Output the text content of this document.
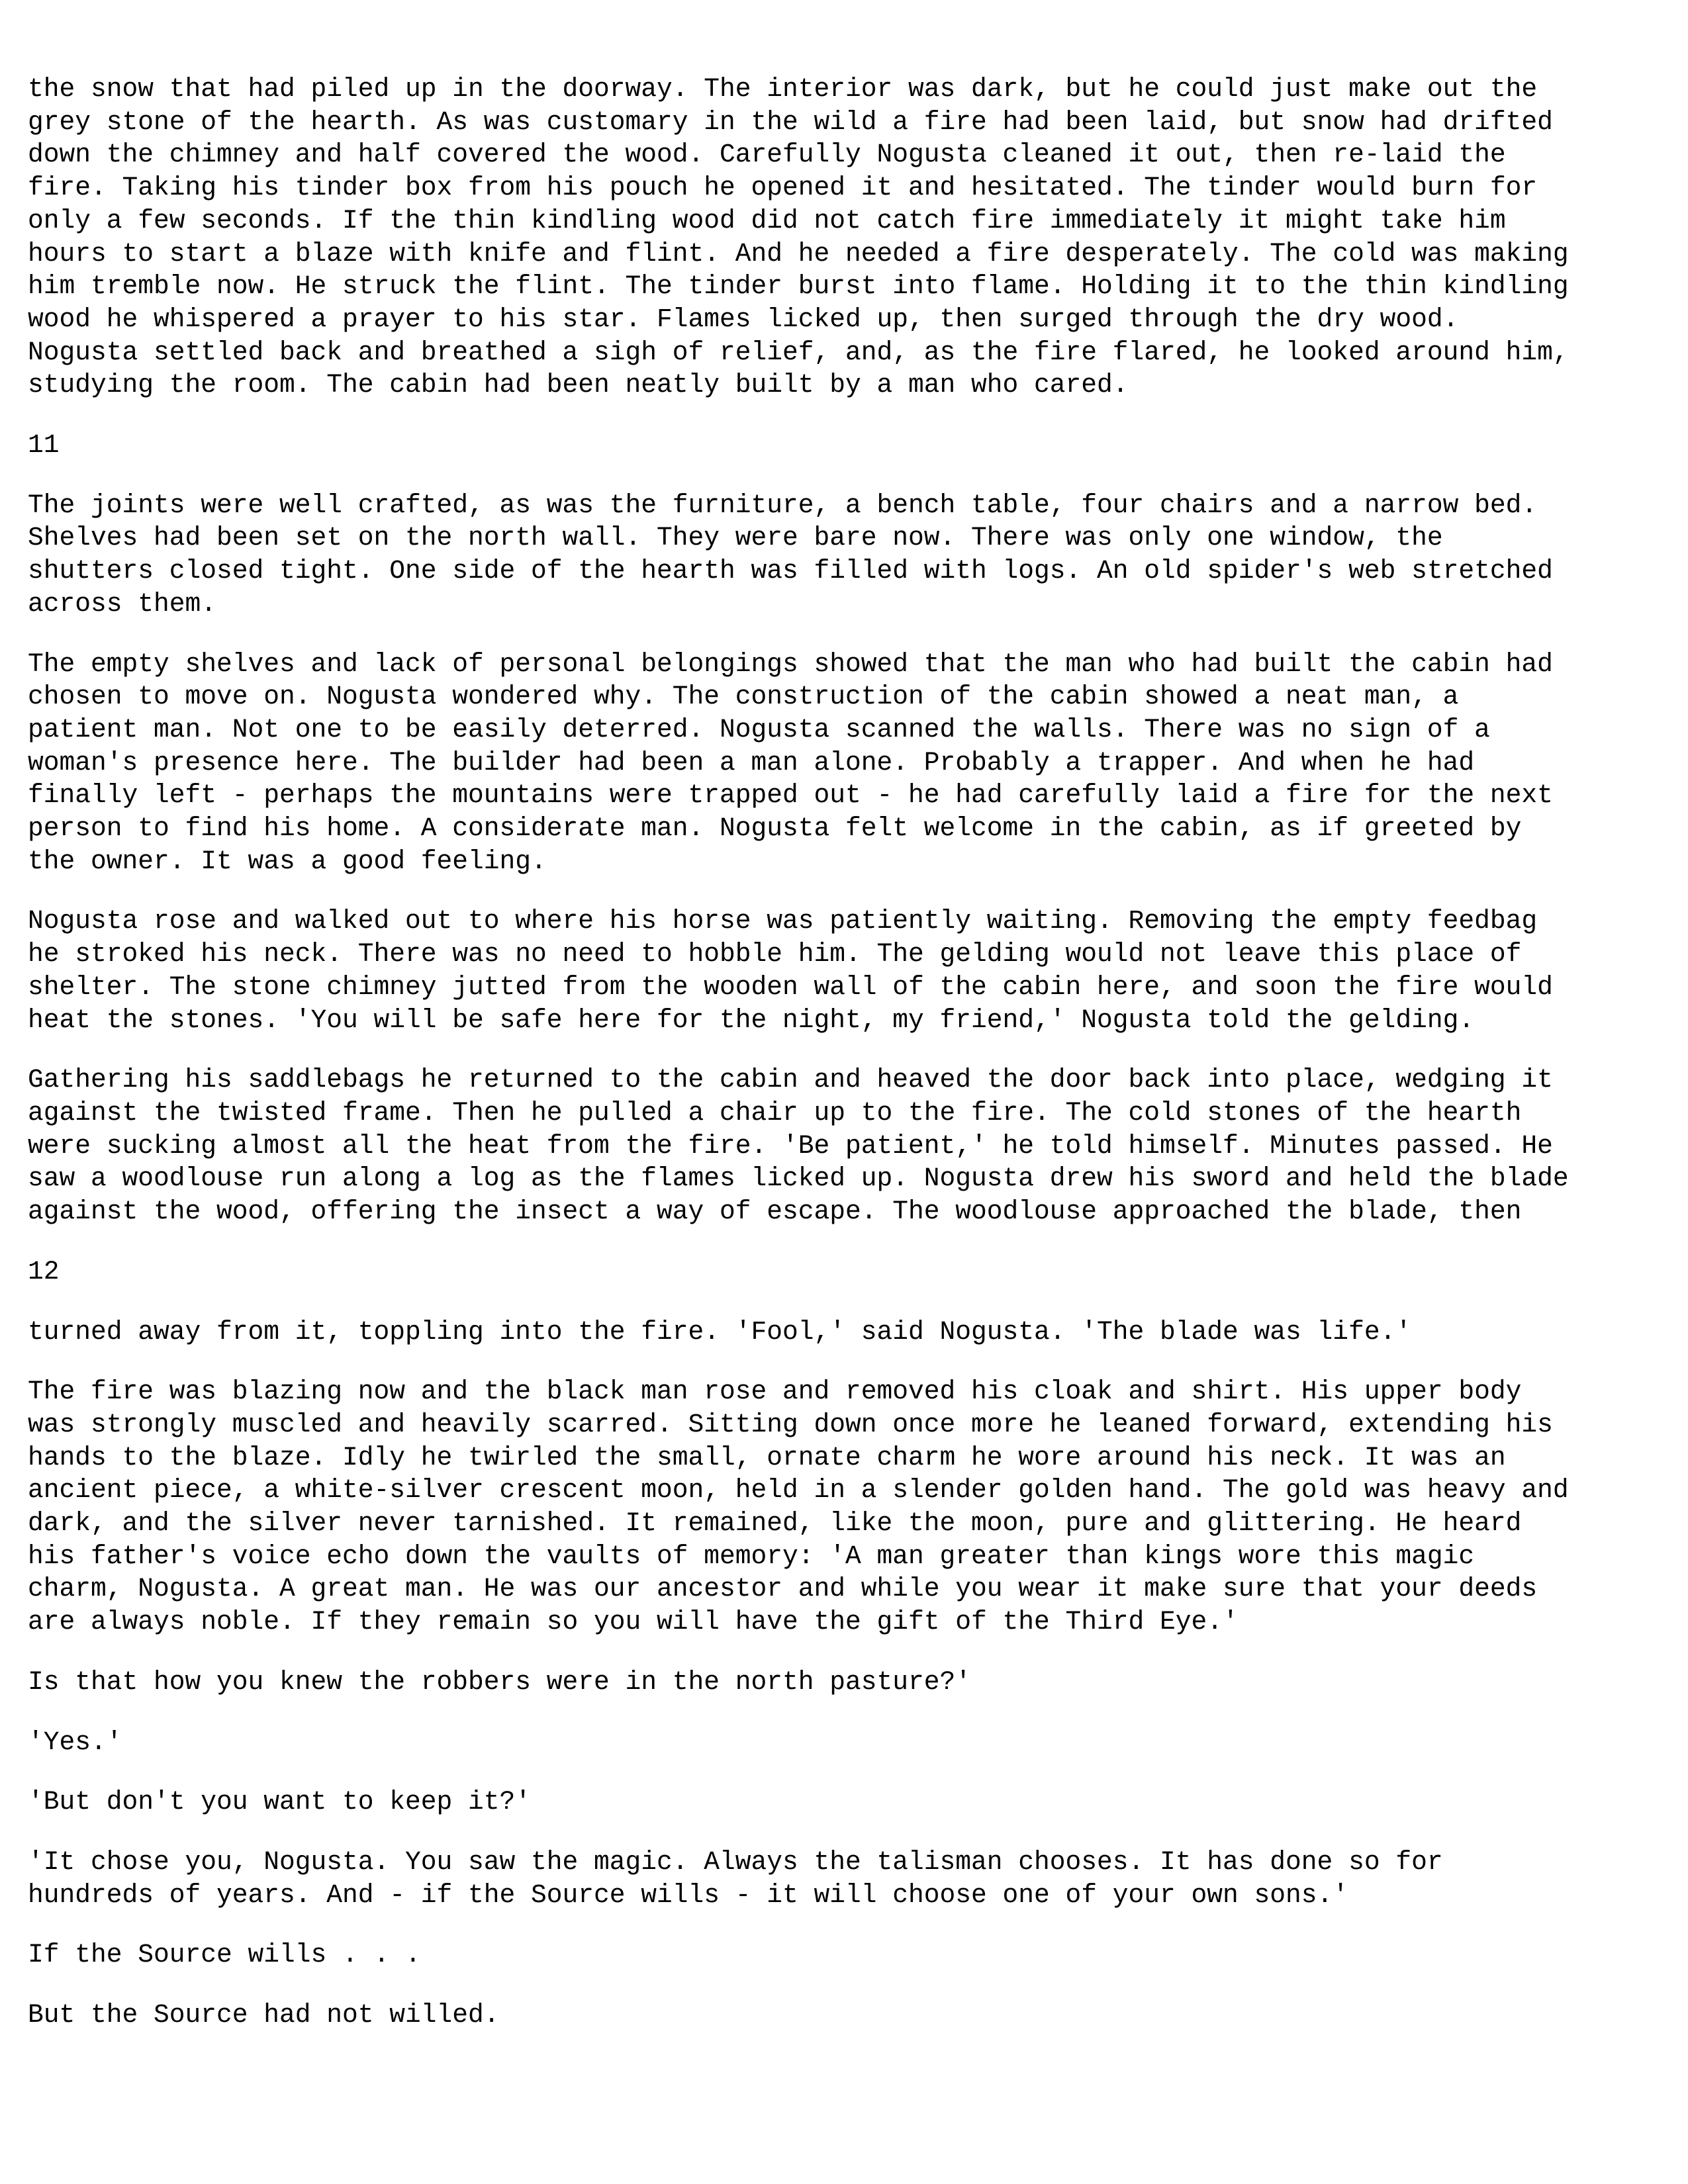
the snow that had piled up in the doorway. The interior was dark, but he could just make out the
grey stone of the hearth. As was customary in the wild a fire had been laid, but snow had drifted
down the chimney and half covered the wood. Carefully Nogusta cleaned it out, then re-laid the
fire. Taking his tinder box from his pouch he opened it and hesitated. The tinder would burn for
only a few seconds. If the thin kindling wood did not catch fire immediately it might take him
hours to start a blaze with knife and flint. And he needed a fire desperately. The cold was making
him tremble now. He struck the flint. The tinder burst into flame. Holding it to the thin kindling
wood he whispered a prayer to his star. Flames licked up, then surged through the dry wood.
Nogusta settled back and breathed a sigh of relief, and, as the fire flared, he looked around him,
studying the room. The cabin had been neatly built by a man who cared.
11
The joints were well crafted, as was the furniture, a bench table, four chairs and a narrow bed.
Shelves had been set on the north wall. They were bare now. There was only one window, the
shutters closed tight. One side of the hearth was filled with logs. An old spider's web stretched
across them.
The empty shelves and lack of personal belongings showed that the man who had built the cabin had
chosen to move on. Nogusta wondered why. The construction of the cabin showed a neat man, a
patient man. Not one to be easily deterred. Nogusta scanned the walls. There was no sign of a
woman's presence here. The builder had been a man alone. Probably a trapper. And when he had
finally left - perhaps the mountains were trapped out - he had carefully laid a fire for the next
person to find his home. A considerate man. Nogusta felt welcome in the cabin, as if greeted by
the owner. It was a good feeling.
Nogusta rose and walked out to where his horse was patiently waiting. Removing the empty feedbag
he stroked his neck. There was no need to hobble him. The gelding would not leave this place of
shelter. The stone chimney jutted from the wooden wall of the cabin here, and soon the fire would
heat the stones. 'You will be safe here for the night, my friend,' Nogusta told the gelding.
Gathering his saddlebags he returned to the cabin and heaved the door back into place, wedging it
against the twisted frame. Then he pulled a chair up to the fire. The cold stones of the hearth
were sucking almost all the heat from the fire. 'Be patient,' he told himself. Minutes passed. He
saw a woodlouse run along a log as the flames licked up. Nogusta drew his sword and held the blade
against the wood, offering the insect a way of escape. The woodlouse approached the blade, then
12
turned away from it, toppling into the fire. 'Fool,' said Nogusta. 'The blade was life.'
The fire was blazing now and the black man rose and removed his cloak and shirt. His upper body
was strongly muscled and heavily scarred. Sitting down once more he leaned forward, extending his
hands to the blaze. Idly he twirled the small, ornate charm he wore around his neck. It was an
ancient piece, a white-silver crescent moon, held in a slender golden hand. The gold was heavy and
dark, and the silver never tarnished. It remained, like the moon, pure and glittering. He heard
his father's voice echo down the vaults of memory: 'A man greater than kings wore this magic
charm, Nogusta. A great man. He was our ancestor and while you wear it make sure that your deeds
are always noble. If they remain so you will have the gift of the Third Eye.'
Is that how you knew the robbers were in the north pasture?'
'Yes.'
'But don't you want to keep it?'
'It chose you, Nogusta. You saw the magic. Always the talisman chooses. It has done so for
hundreds of years. And - if the Source wills - it will choose one of your own sons.'
If the Source wills . . .
But the Source had not willed.
